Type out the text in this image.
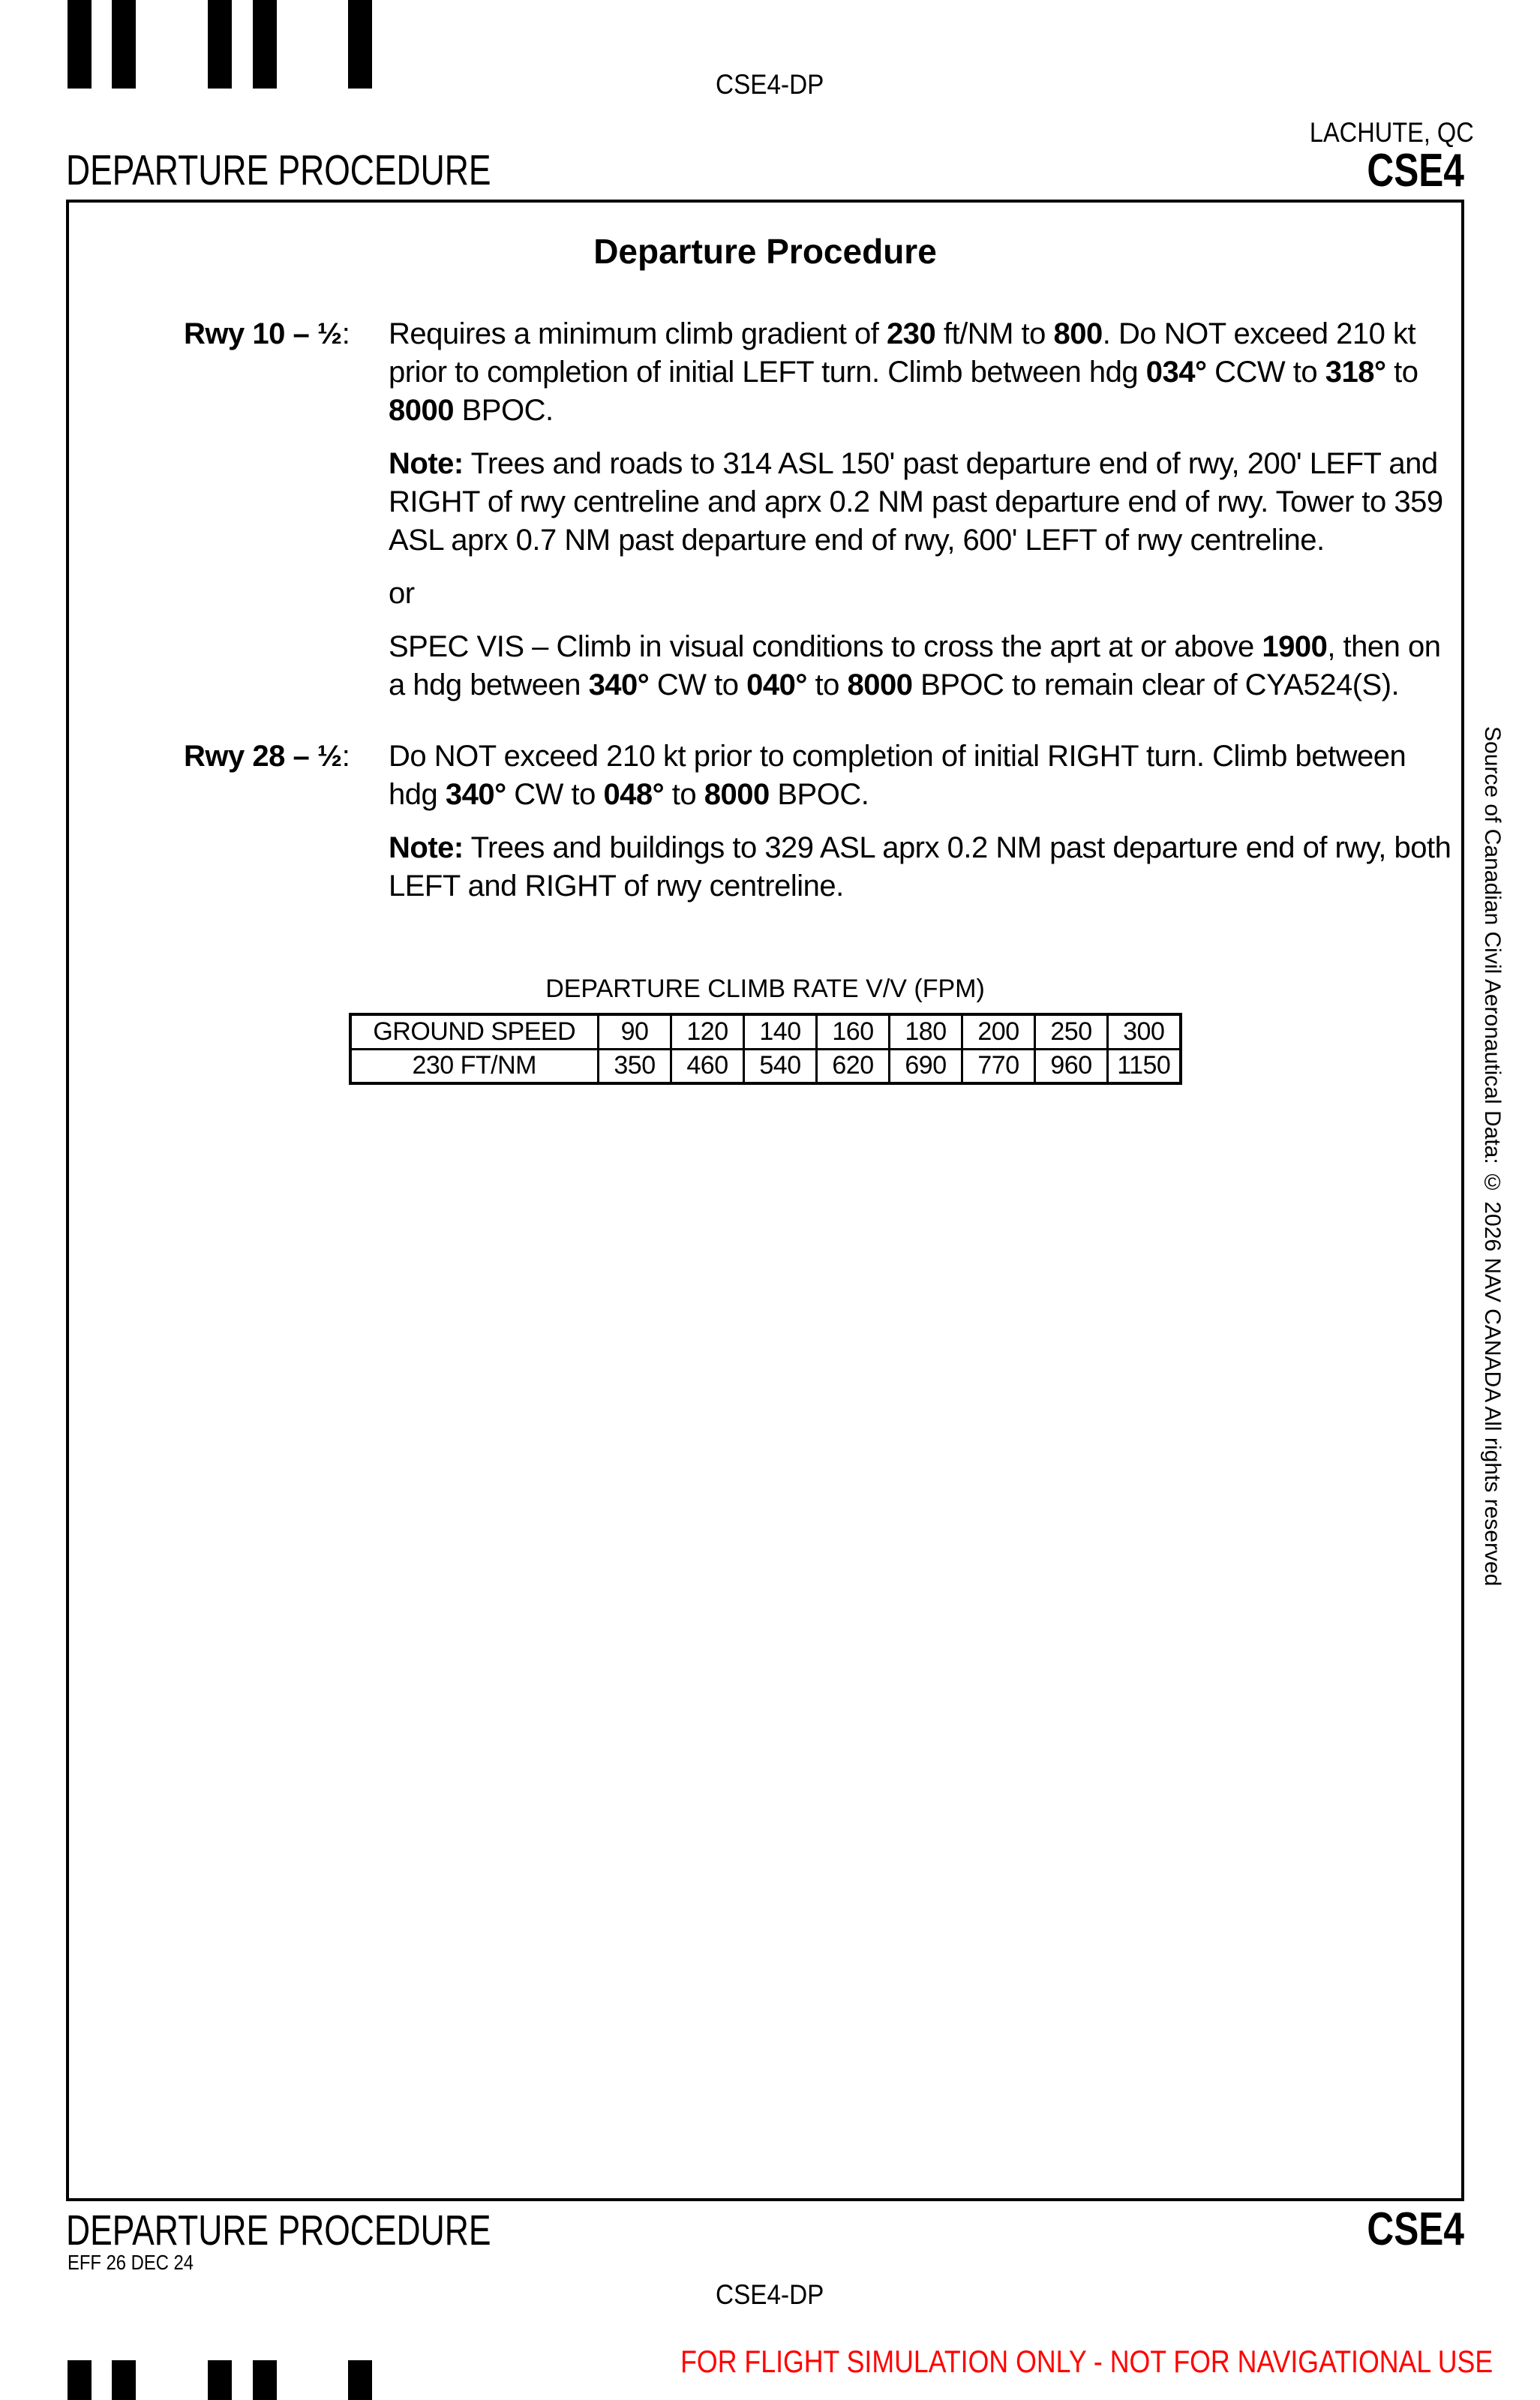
CSE4-DP
LACHUTE, QC
DEPARTURE PROCEDURE	CSE4
Departure Procedure
Rwy 10 – ½:	Requires a minimum climb gradient of 230 ft/NM to 800. Do NOT exceed 210 kt prior to completion of initial LEFT turn. Climb between hdg 034° CCW to 318° to 8000 BPOC.

Note: Trees and roads to 314 ASL 150' past departure end of rwy, 200' LEFT and RIGHT of rwy centreline and aprx 0.2 NM past departure end of rwy. Tower to 359 ASL aprx 0.7 NM past departure end of rwy, 600' LEFT of rwy centreline.

or

SPEC VIS – Climb in visual conditions to cross the aprt at or above 1900, then on a hdg between 340° CW to 040° to 8000 BPOC to remain clear of CYA524(S).

Rwy 28 – ½:	Do NOT exceed 210 kt prior to completion of initial RIGHT turn. Climb between hdg 340° CW to 048° to 8000 BPOC.

Note: Trees and buildings to 329 ASL aprx 0.2 NM past departure end of rwy, both LEFT and RIGHT of rwy centreline.

DEPARTURE CLIMB RATE V/V (FPM)
GROUND SPEED	90	120	140	160	180	200	250	300
230 FT/NM	350	460	540	620	690	770	960	1150	Source of Canadian Civil Aeronautical Data: © 2026 NAV CANADA All rights reserved
DEPARTURE PROCEDURE	CSE4
EFF 26 DEC 24
CSE4-DP
FOR FLIGHT SIMULATION ONLY - NOT FOR NAVIGATIONAL USE
